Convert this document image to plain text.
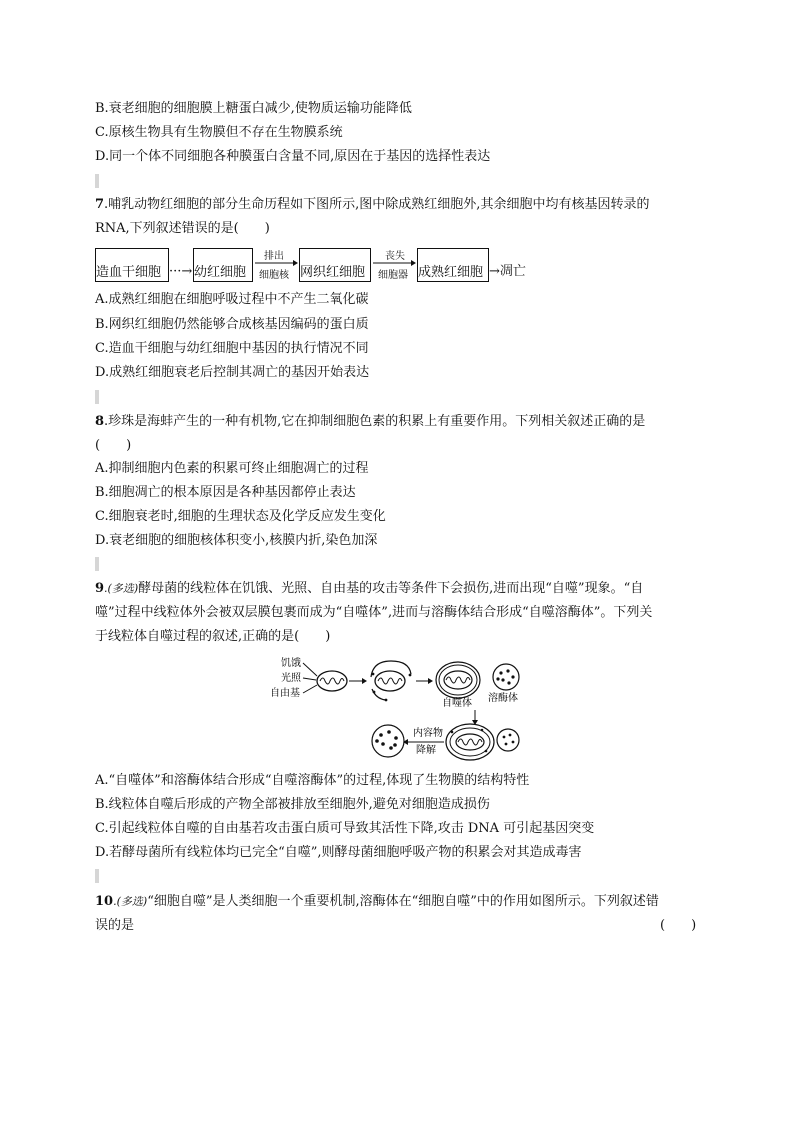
B.衰老细胞的细胞膜上糖蛋白减少,使物质运输功能降低
C.原核生物具有生物膜但不存在生物膜系统
D.同一个体不同细胞各种膜蛋白含量不同,原因在于基因的选择性表达
7.哺乳动物红细胞的部分生命历程如下图所示,图中除成熟红细胞外,其余细胞中均有核基因转录的
RNA,下列叙述错误的是(　　)
造血干细胞 ···→ 幼红细胞
排出
细胞核 网织红细胞
丧失
细胞器 成熟红细胞 →凋亡
A.成熟红细胞在细胞呼吸过程中不产生二氧化碳
B.网织红细胞仍然能够合成核基因编码的蛋白质
C.造血干细胞与幼红细胞中基因的执行情况不同
D.成熟红细胞衰老后控制其凋亡的基因开始表达
8.珍珠是海蚌产生的一种有机物,它在抑制细胞色素的积累上有重要作用。下列相关叙述正确的是
(　　)
A.抑制细胞内色素的积累可终止细胞凋亡的过程
B.细胞凋亡的根本原因是各种基因都停止表达
C.细胞衰老时,细胞的生理状态及化学反应发生变化
D.衰老细胞的细胞核体积变小,核膜内折,染色加深
9.(多选)酵母菌的线粒体在饥饿、光照、自由基的攻击等条件下会损伤,进而出现“自噬”现象。“自
噬”过程中线粒体外会被双层膜包裹而成为“自噬体”,进而与溶酶体结合形成“自噬溶酶体”。下列关
于线粒体自噬过程的叙述,正确的是(　　)
饥饿
光照
自由基
自噬体 溶酶体
内容物
降解
A.“自噬体”和溶酶体结合形成“自噬溶酶体”的过程,体现了生物膜的结构特性
B.线粒体自噬后形成的产物全部被排放至细胞外,避免对细胞造成损伤
C.引起线粒体自噬的自由基若攻击蛋白质可导致其活性下降,攻击 DNA 可引起基因突变
D.若酵母菌所有线粒体均已完全“自噬”,则酵母菌细胞呼吸产物的积累会对其造成毒害
10.(多选)“细胞自噬”是人类细胞一个重要机制,溶酶体在“细胞自噬”中的作用如图所示。下列叙述错
误的是	(　　)
